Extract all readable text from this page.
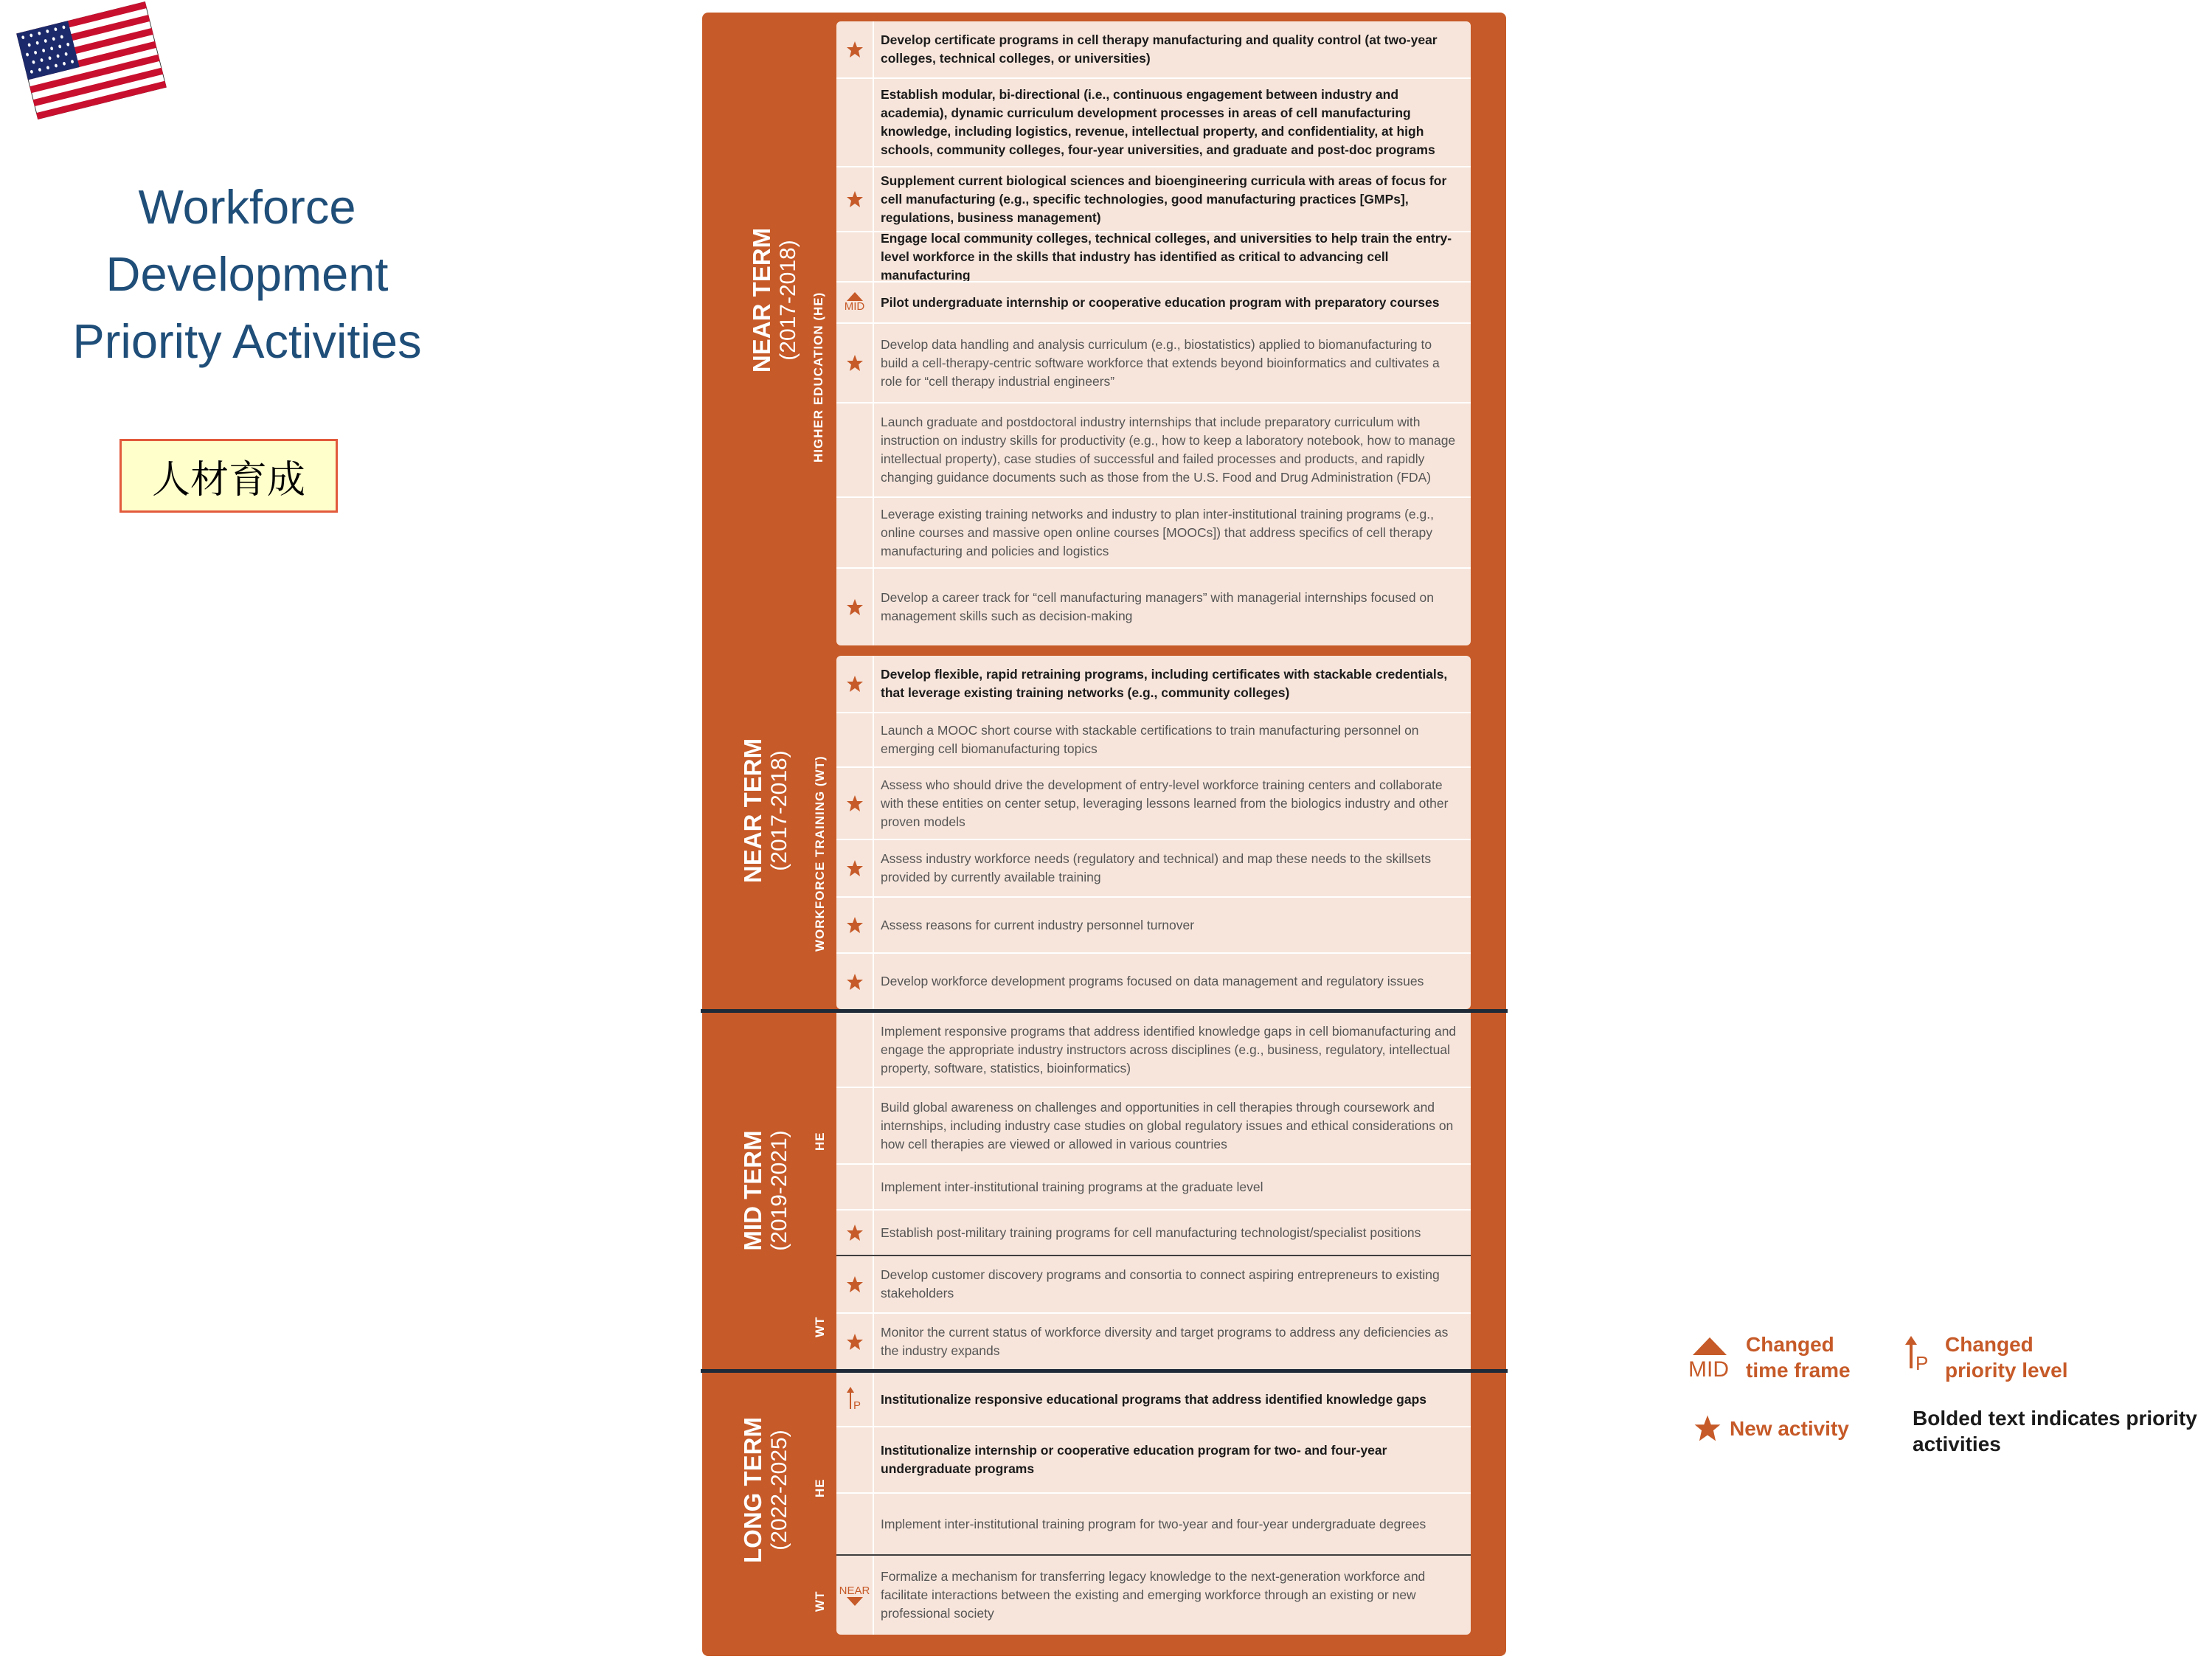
Workforce
Development
Priority Activities
人材育成
NEAR TERM (2017-2018) HIGHER EDUCATION (HE)
NEAR TERM (2017-2018) WORKFORCE TRAINING (WT)
MID TERM (2019-2021) HE
WT
LONG TERM (2022-2025) HE
WT
Develop certificate programs in cell therapy manufacturing and quality control (at two-year colleges, technical colleges, or universities)
Establish modular, bi-directional (i.e., continuous engagement between industry and academia), dynamic curriculum development processes in areas of cell manufacturing knowledge, including logistics, revenue, intellectual property, and confidentiality, at high schools, community colleges, four-year universities, and graduate and post-doc programs
Supplement current biological sciences and bioengineering curricula with areas of focus for cell manufacturing (e.g., specific technologies, good manufacturing practices [GMPs], regulations, business management)
Engage local community colleges, technical colleges, and universities to help train the entry-level workforce in the skills that industry has identified as critical to advancing cell manufacturing
MID Pilot undergraduate internship or cooperative education program with preparatory courses
Develop data handling and analysis curriculum (e.g., biostatistics) applied to biomanufacturing to build a cell-therapy-centric software workforce that extends beyond bioinformatics and cultivates a role for “cell therapy industrial engineers”
Launch graduate and postdoctoral industry internships that include preparatory curriculum with instruction on industry skills for productivity (e.g., how to keep a laboratory notebook, how to manage intellectual property), case studies of successful and failed processes and products, and rapidly changing guidance documents such as those from the U.S. Food and Drug Administration (FDA)
Leverage existing training networks and industry to plan inter-institutional training programs (e.g., online courses and massive open online courses [MOOCs]) that address specifics of cell therapy manufacturing and policies and logistics
Develop a career track for “cell manufacturing managers” with managerial internships focused on management skills such as decision-making
Develop flexible, rapid retraining programs, including certificates with stackable credentials, that leverage existing training networks (e.g., community colleges)
Launch a MOOC short course with stackable certifications to train manufacturing personnel on emerging cell biomanufacturing topics
Assess who should drive the development of entry-level workforce training centers and collaborate with these entities on center setup, leveraging lessons learned from the biologics industry and other proven models
Assess industry workforce needs (regulatory and technical) and map these needs to the skillsets provided by currently available training
Assess reasons for current industry personnel turnover
Develop workforce development programs focused on data management and regulatory issues
Implement responsive programs that address identified knowledge gaps in cell biomanufacturing and engage the appropriate industry instructors across disciplines (e.g., business, regulatory, intellectual property, software, statistics, bioinformatics)
Build global awareness on challenges and opportunities in cell therapies through coursework and internships, including industry case studies on global regulatory issues and ethical considerations on how cell therapies are viewed or allowed in various countries
Implement inter-institutional training programs at the graduate level
Establish post-military training programs for cell manufacturing technologist/specialist positions
Develop customer discovery programs and consortia to connect aspiring entrepreneurs to existing stakeholders
Monitor the current status of workforce diversity and target programs to address any deficiencies as the industry expands
P Institutionalize responsive educational programs that address identified knowledge gaps
Institutionalize internship or cooperative education program for two- and four-year undergraduate programs
Implement inter-institutional training program for two-year and four-year undergraduate degrees
NEAR
Formalize a mechanism for transferring legacy knowledge to the next-generation workforce and facilitate interactions between the existing and emerging workforce through an existing or new professional society
MID
Changed time frame	P
Changed priority level
New activity	Bolded text indicates priority activities
